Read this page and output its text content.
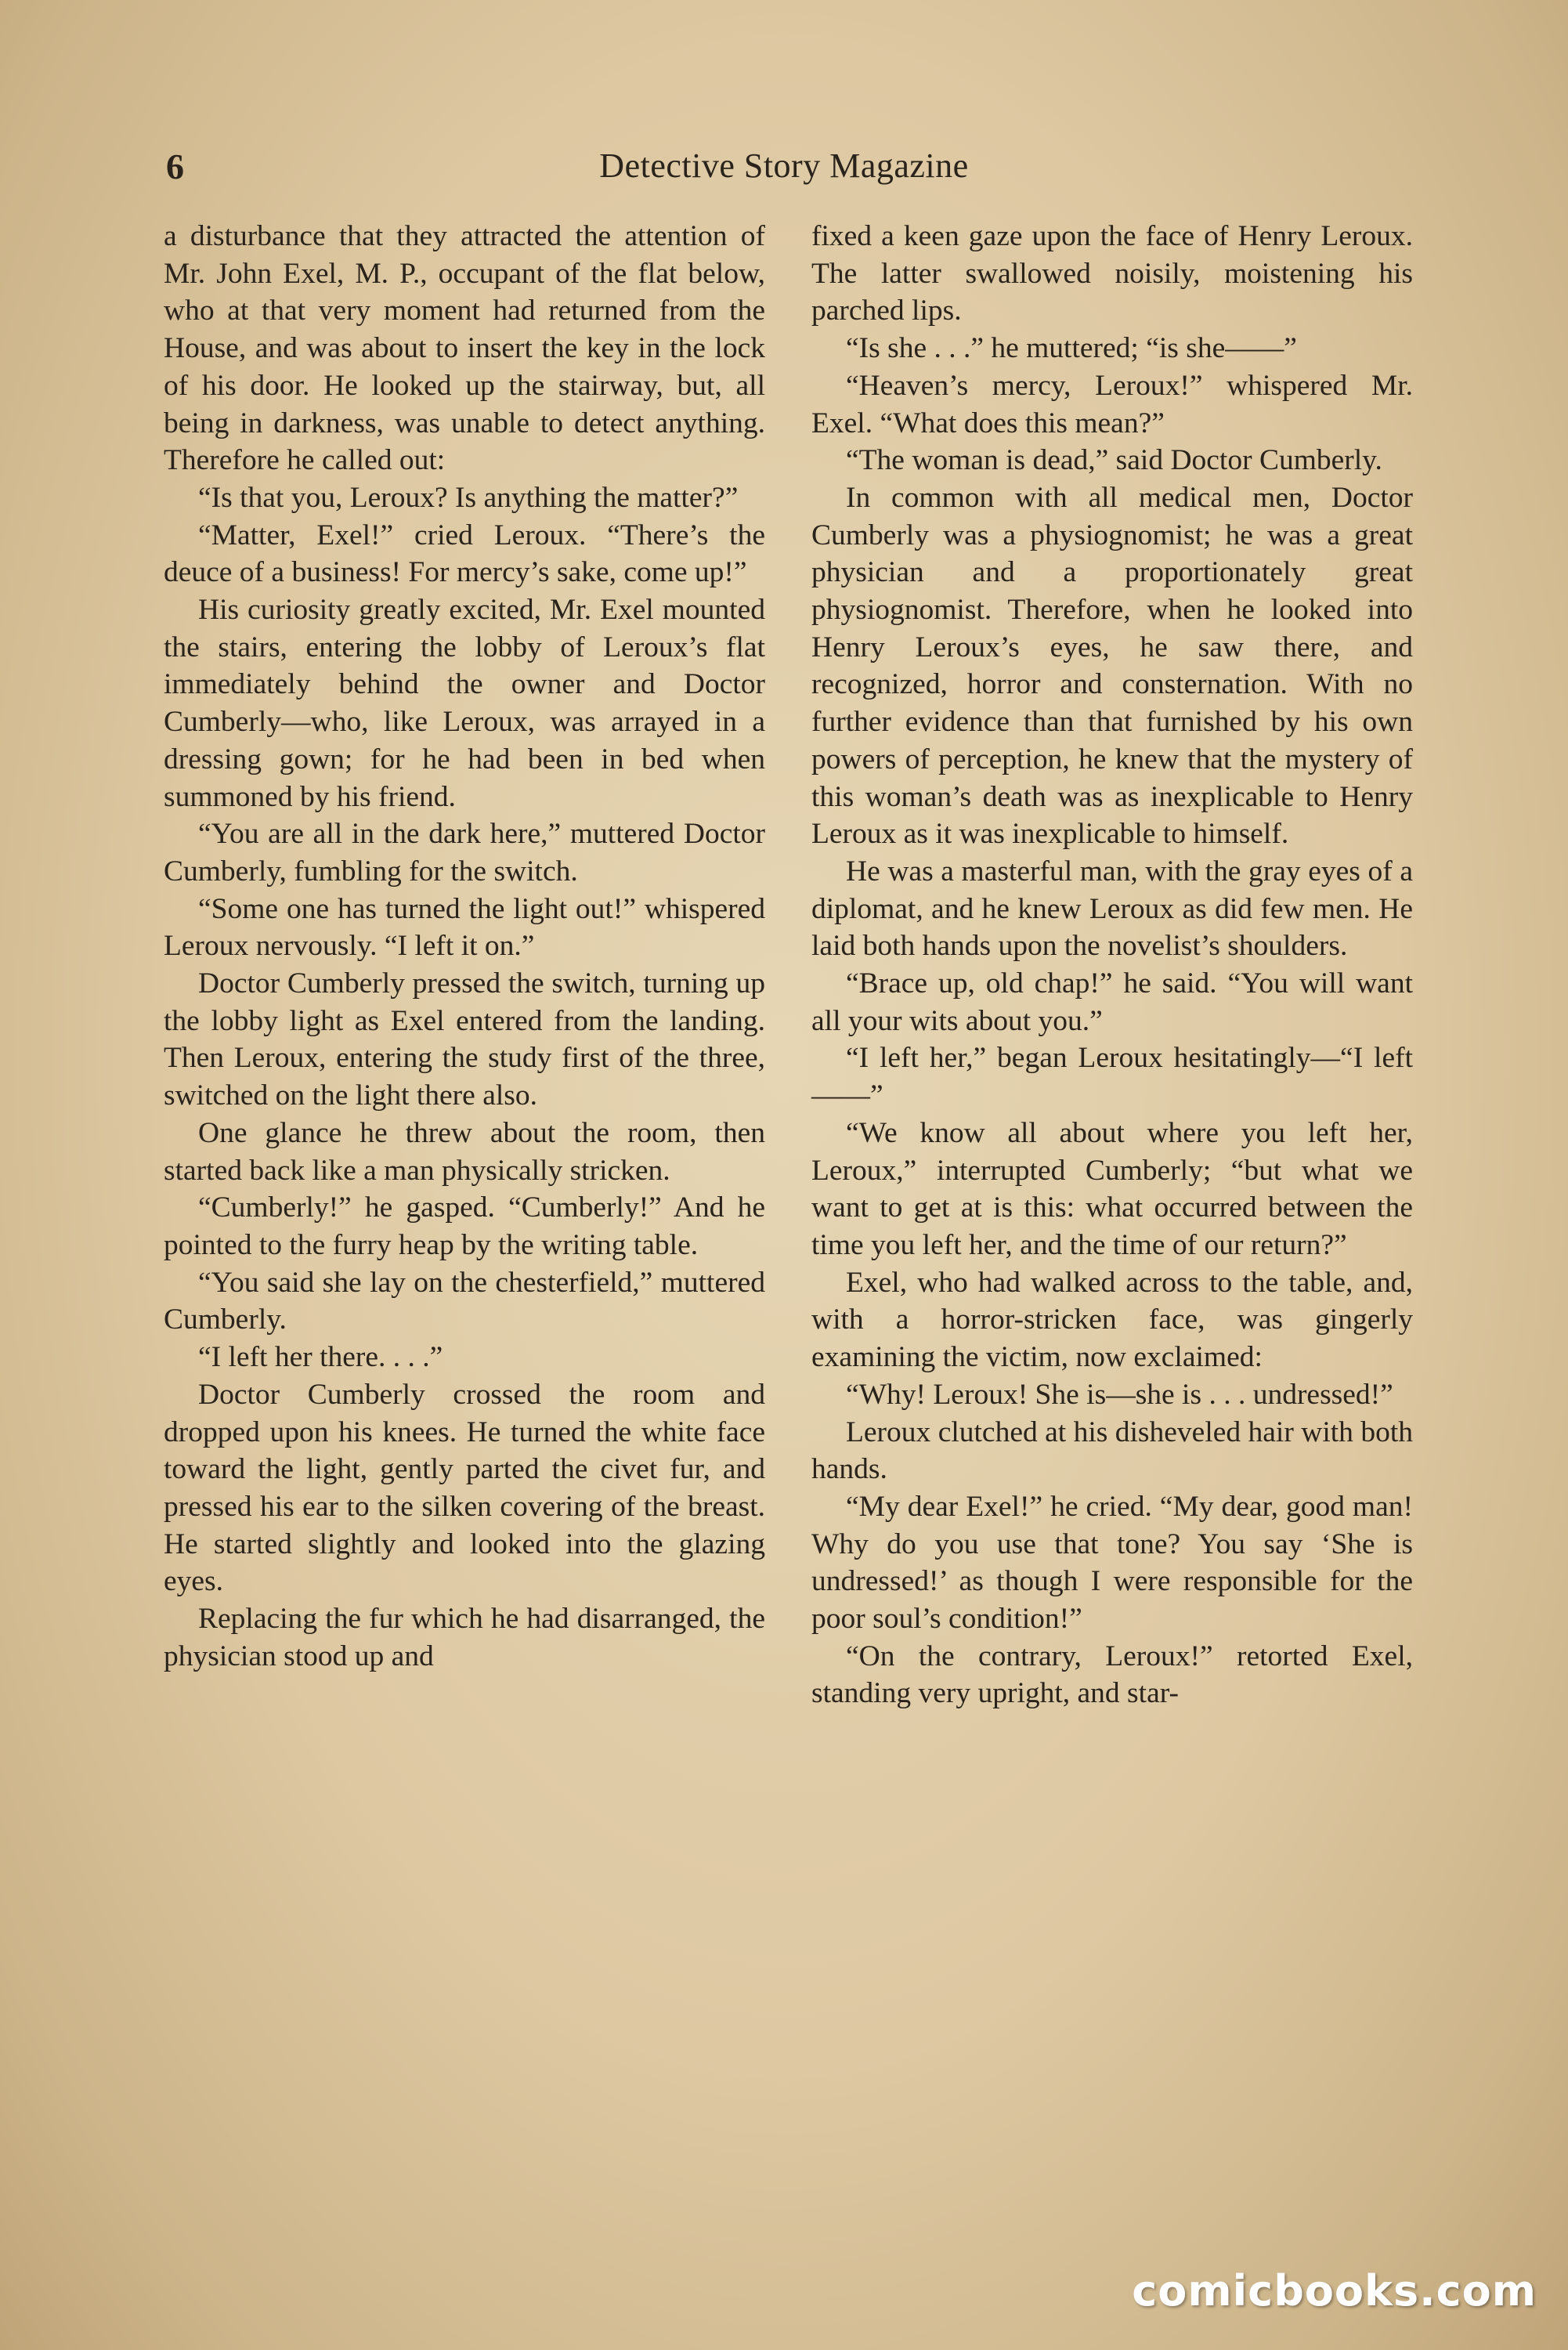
6	Detective Story Magazine

a disturbance that they attracted the attention of Mr. John Exel, M. P., occupant of the flat below, who at that very moment had returned from the House, and was about to insert the key in the lock of his door. He looked up the stairway, but, all being in darkness, was unable to detect anything. Therefore he called out:

“Is that you, Leroux? Is anything the matter?”

“Matter, Exel!” cried Leroux. “There’s the deuce of a business! For mercy’s sake, come up!”

His curiosity greatly excited, Mr. Exel mounted the stairs, entering the lobby of Leroux’s flat immediately behind the owner and Doctor Cumberly—who, like Leroux, was arrayed in a dressing gown; for he had been in bed when summoned by his friend.

“You are all in the dark here,” muttered Doctor Cumberly, fumbling for the switch.

“Some one has turned the light out!” whispered Leroux nervously. “I left it on.”

Doctor Cumberly pressed the switch, turning up the lobby light as Exel entered from the landing. Then Leroux, entering the study first of the three, switched on the light there also.

One glance he threw about the room, then started back like a man physically stricken.

“Cumberly!” he gasped. “Cumberly!” And he pointed to the furry heap by the writing table.

“You said she lay on the chesterfield,” muttered Cumberly.

“I left her there. . . .”

Doctor Cumberly crossed the room and dropped upon his knees. He turned the white face toward the light, gently parted the civet fur, and pressed his ear to the silken covering of the breast. He started slightly and looked into the glazing eyes.

Replacing the fur which he had disarranged, the physician stood up and

fixed a keen gaze upon the face of Henry Leroux. The latter swallowed noisily, moistening his parched lips.

“Is she . . .” he muttered; “is she——”

“Heaven’s mercy, Leroux!” whispered Mr. Exel. “What does this mean?”

“The woman is dead,” said Doctor Cumberly.

In common with all medical men, Doctor Cumberly was a physiognomist; he was a great physician and a proportionately great physiognomist. Therefore, when he looked into Henry Leroux’s eyes, he saw there, and recognized, horror and consternation. With no further evidence than that furnished by his own powers of perception, he knew that the mystery of this woman’s death was as inexplicable to Henry Leroux as it was inexplicable to himself.

He was a masterful man, with the gray eyes of a diplomat, and he knew Leroux as did few men. He laid both hands upon the novelist’s shoulders.

“Brace up, old chap!” he said. “You will want all your wits about you.”

“I left her,” began Leroux hesitatingly—“I left——”

“We know all about where you left her, Leroux,” interrupted Cumberly; “but what we want to get at is this: what occurred between the time you left her, and the time of our return?”

Exel, who had walked across to the table, and, with a horror-stricken face, was gingerly examining the victim, now exclaimed:

“Why! Leroux! She is—she is . . . undressed!”

Leroux clutched at his disheveled hair with both hands.

“My dear Exel!” he cried. “My dear, good man! Why do you use that tone? You say ‘She is undressed!’ as though I were responsible for the poor soul’s condition!”

“On the contrary, Leroux!” retorted Exel, standing very upright, and star-

comicbooks.com
